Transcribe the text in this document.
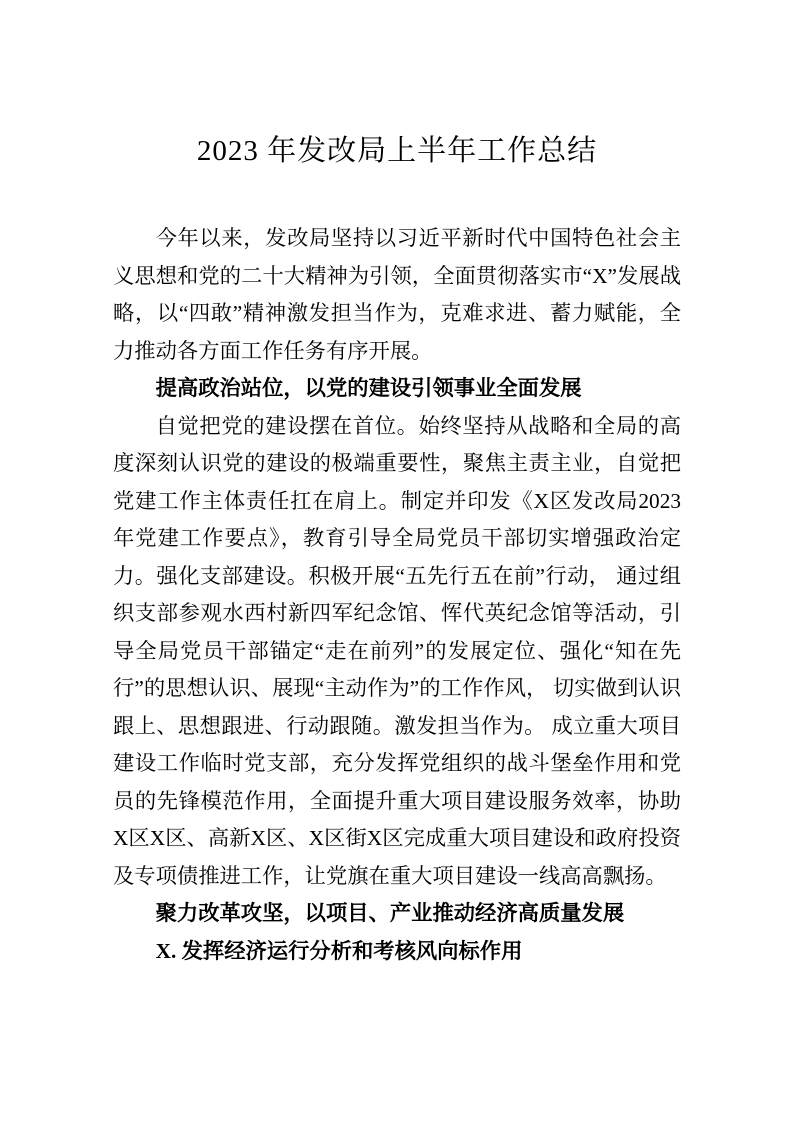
2023 年发改局上半年工作总结

今年以来，发改局坚持以习近平新时代中国特色社会主义思想和党的二十大精神为引领，全面贯彻落实市“X”发展战略，以“四敢”精神激发担当作为，克难求进、蓄力赋能，全力推动各方面工作任务有序开展。

提高政治站位，以党的建设引领事业全面发展

自觉把党的建设摆在首位。始终坚持从战略和全局的高度深刻认识党的建设的极端重要性，聚焦主责主业，自觉把党建工作主体责任扛在肩上。制定并印发《X区发改局2023年党建工作要点》，教育引导全局党员干部切实增强政治定力。强化支部建设。积极开展“五先行五在前”行动， 通过组织支部参观水西村新四军纪念馆、恽代英纪念馆等活动，引导全局党员干部锚定“走在前列”的发展定位、强化“知在先行”的思想认识、展现“主动作为”的工作作风， 切实做到认识跟上、思想跟进、行动跟随。激发担当作为。 成立重大项目建设工作临时党支部，充分发挥党组织的战斗堡垒作用和党员的先锋模范作用，全面提升重大项目建设服务效率，协助X区X区、高新X区、X区街X区完成重大项目建设和政府投资及专项债推进工作，让党旗在重大项目建设一线高高飘扬。

聚力改革攻坚，以项目、产业推动经济高质量发展

X. 发挥经济运行分析和考核风向标作用
